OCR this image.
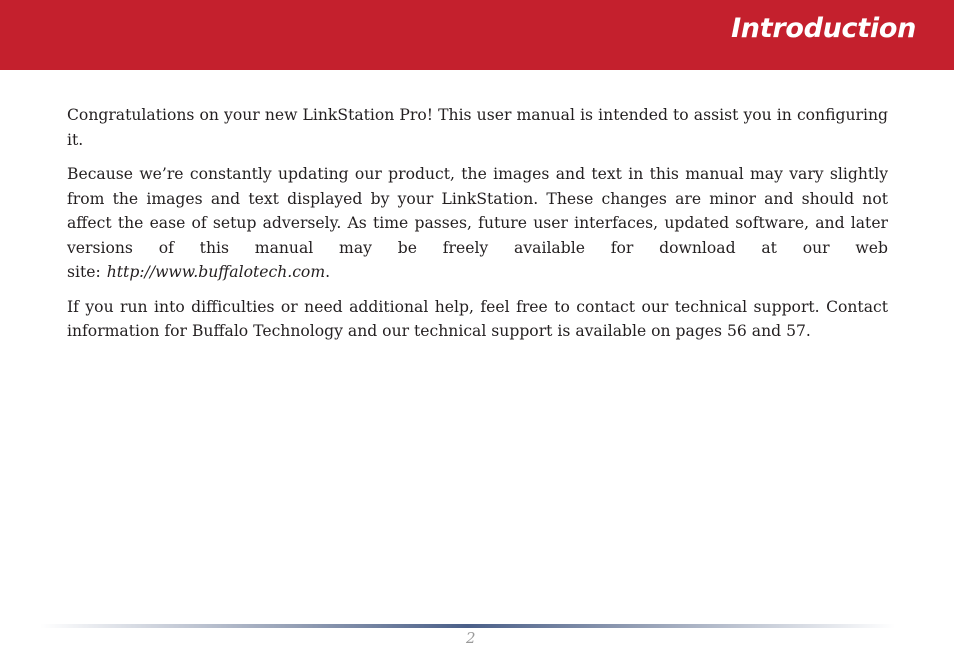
Introduction

Congratulations on your new LinkStation Pro! This user manual is intended to assist you in configuring it.

Because we’re constantly updating our product, the images and text in this manual may vary slightly from the images and text displayed by your LinkStation. These changes are minor and should not affect the ease of setup adversely. As time passes, future user interfaces, updated software, and later versions of this manual may be freely available for download at our web site: http://www.buffalotech.com.

If you run into difficulties or need additional help, feel free to contact our technical support. Contact information for Buffalo Technology and our technical support is available on pages 56 and 57.

2
